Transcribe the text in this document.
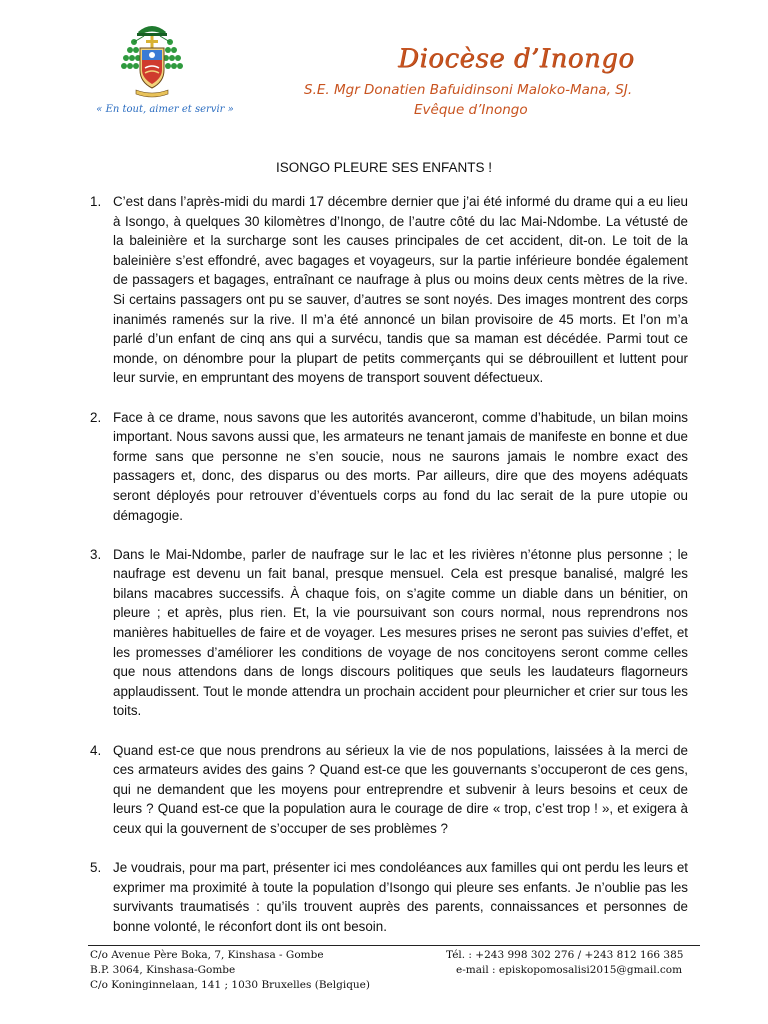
« En tout, aimer et servir »
Diocèse d’Inongo
S.E. Mgr Donatien Bafuidinsoni Maloko-Mana, SJ.
Evêque d’Inongo
ISONGO PLEURE SES ENFANTS !
1. C’est dans l’après-midi du mardi 17 décembre dernier que j’ai été informé du drame qui a eu lieu à Isongo, à quelques 30 kilomètres d’Inongo, de l’autre côté du lac Mai-Ndombe. La vétusté de la baleinière et la surcharge sont les causes principales de cet accident, dit-on. Le toit de la baleinière s’est effondré, avec bagages et voyageurs, sur la partie inférieure bondée également de passagers et bagages, entraînant ce naufrage à plus ou moins deux cents mètres de la rive. Si certains passagers ont pu se sauver, d’autres se sont noyés. Des images montrent des corps inanimés ramenés sur la rive. Il m’a été annoncé un bilan provisoire de 45 morts. Et l’on m’a parlé d’un enfant de cinq ans qui a survécu, tandis que sa maman est décédée. Parmi tout ce monde, on dénombre pour la plupart de petits commerçants qui se débrouillent et luttent pour leur survie, en empruntant des moyens de transport souvent défectueux.
2. Face à ce drame, nous savons que les autorités avanceront, comme d’habitude, un bilan moins important. Nous savons aussi que, les armateurs ne tenant jamais de manifeste en bonne et due forme sans que personne ne s’en soucie, nous ne saurons jamais le nombre exact des passagers et, donc, des disparus ou des morts. Par ailleurs, dire que des moyens adéquats seront déployés pour retrouver d’éventuels corps au fond du lac serait de la pure utopie ou démagogie.
3. Dans le Mai-Ndombe, parler de naufrage sur le lac et les rivières n’étonne plus personne ; le naufrage est devenu un fait banal, presque mensuel. Cela est presque banalisé, malgré les bilans macabres successifs. À chaque fois, on s’agite comme un diable dans un bénitier, on pleure ; et après, plus rien. Et, la vie poursuivant son cours normal, nous reprendrons nos manières habituelles de faire et de voyager. Les mesures prises ne seront pas suivies d’effet, et les promesses d’améliorer les conditions de voyage de nos concitoyens seront comme celles que nous attendons dans de longs discours politiques que seuls les laudateurs flagorneurs applaudissent. Tout le monde attendra un prochain accident pour pleurnicher et crier sur tous les toits.
4. Quand est-ce que nous prendrons au sérieux la vie de nos populations, laissées à la merci de ces armateurs avides des gains ? Quand est-ce que les gouvernants s’occuperont de ces gens, qui ne demandent que les moyens pour entreprendre et subvenir à leurs besoins et ceux de leurs ? Quand est-ce que la population aura le courage de dire « trop, c’est trop ! », et exigera à ceux qui la gouvernent de s’occuper de ses problèmes ?
5. Je voudrais, pour ma part, présenter ici mes condoléances aux familles qui ont perdu les leurs et exprimer ma proximité à toute la population d’Isongo qui pleure ses enfants. Je n’oublie pas les survivants traumatisés : qu’ils trouvent auprès des parents, connaissances et personnes de bonne volonté, le réconfort dont ils ont besoin.
C/o Avenue Père Boka, 7, Kinshasa - Gombe
B.P. 3064, Kinshasa-Gombe
C/o Koninginnelaan, 141 ; 1030 Bruxelles (Belgique)
Tél. : +243 998 302 276 / +243 812 166 385
e-mail : episkopomosalisi2015@gmail.com
